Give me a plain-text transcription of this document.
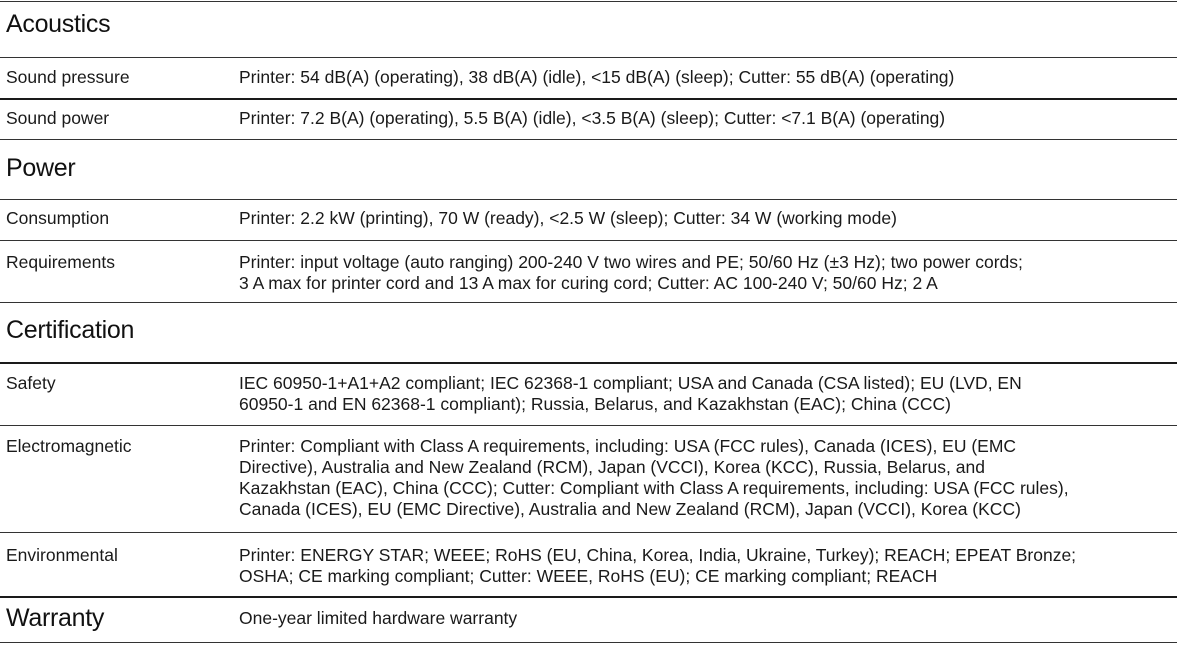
Acoustics
Sound pressure	Printer: 54 dB(A) (operating), 38 dB(A) (idle), <15 dB(A) (sleep); Cutter: 55 dB(A) (operating)
Sound power	Printer: 7.2 B(A) (operating), 5.5 B(A) (idle), <3.5 B(A) (sleep); Cutter: <7.1 B(A) (operating)
Power
Consumption	Printer: 2.2 kW (printing), 70 W (ready), <2.5 W (sleep); Cutter: 34 W (working mode)
Requirements	Printer: input voltage (auto ranging) 200-240 V two wires and PE; 50/60 Hz (±3 Hz); two power cords;
3 A max for printer cord and 13 A max for curing cord; Cutter: AC 100-240 V; 50/60 Hz; 2 A
Certification
Safety	IEC 60950-1+A1+A2 compliant; IEC 62368-1 compliant; USA and Canada (CSA listed); EU (LVD, EN
60950-1 and EN 62368-1 compliant); Russia, Belarus, and Kazakhstan (EAC); China (CCC)
Electromagnetic	Printer: Compliant with Class A requirements, including: USA (FCC rules), Canada (ICES), EU (EMC
Directive), Australia and New Zealand (RCM), Japan (VCCI), Korea (KCC), Russia, Belarus, and
Kazakhstan (EAC), China (CCC); Cutter: Compliant with Class A requirements, including: USA (FCC rules),
Canada (ICES), EU (EMC Directive), Australia and New Zealand (RCM), Japan (VCCI), Korea (KCC)
Environmental	Printer: ENERGY STAR; WEEE; RoHS (EU, China, Korea, India, Ukraine, Turkey); REACH; EPEAT Bronze;
OSHA; CE marking compliant; Cutter: WEEE, RoHS (EU); CE marking compliant; REACH
Warranty	One-year limited hardware warranty
